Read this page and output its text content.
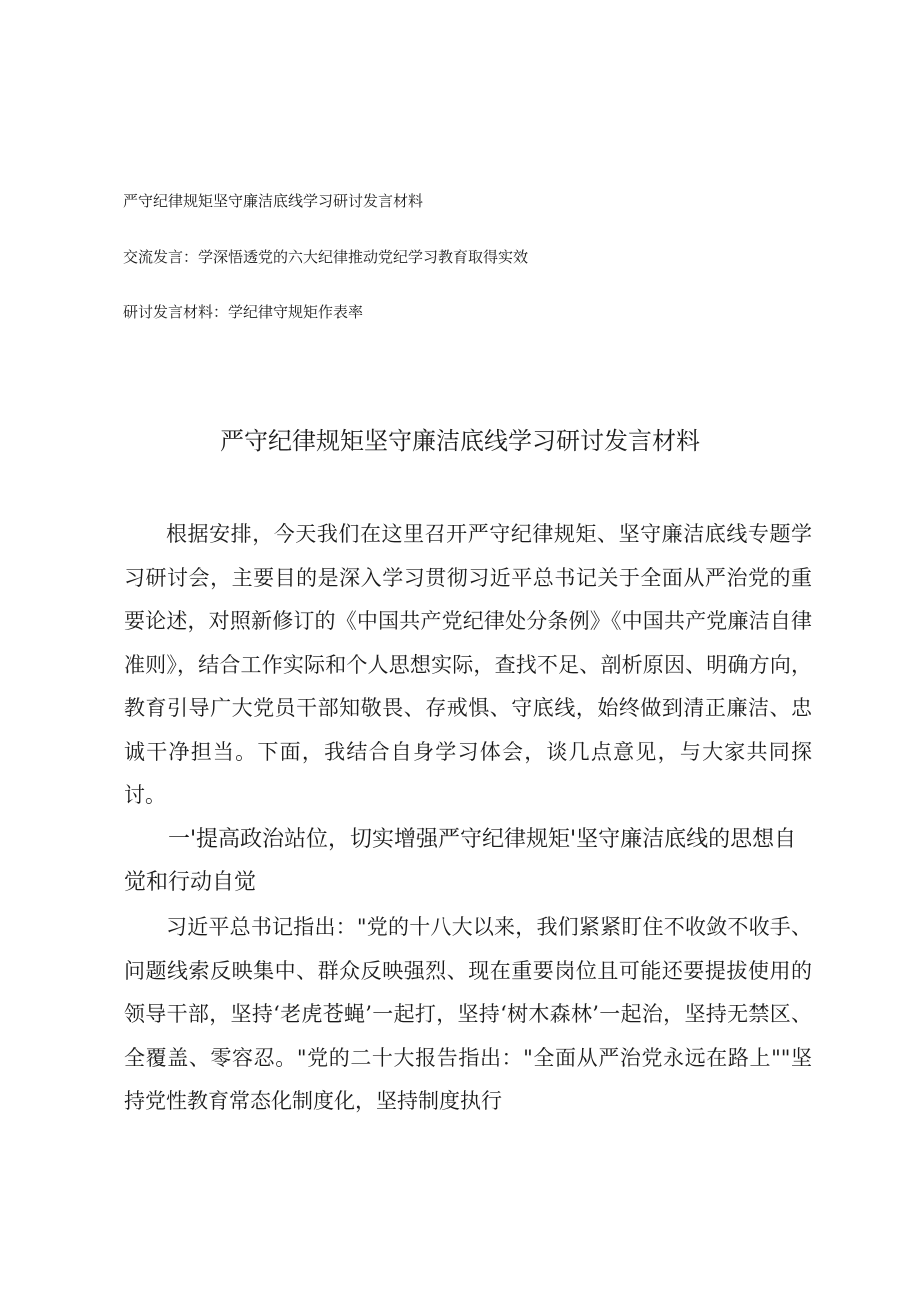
严守纪律规矩坚守廉洁底线学习研讨发言材料
交流发言：学深悟透党的六大纪律推动党纪学习教育取得实效
研讨发言材料：学纪律守规矩作表率
严守纪律规矩坚守廉洁底线学习研讨发言材料

根据安排，今天我们在这里召开严守纪律规矩、坚守廉洁底线专题学习研讨会，主要目的是深入学习贯彻习近平总书记关于全面从严治党的重要论述，对照新修订的《中国共产党纪律处分条例》《中国共产党廉洁自律准则》，结合工作实际和个人思想实际，查找不足、剖析原因、明确方向，教育引导广大党员干部知敬畏、存戒惧、守底线，始终做到清正廉洁、忠诚干净担当。下面，我结合自身学习体会，谈几点意见，与大家共同探讨。

一'提高政治站位，切实增强严守纪律规矩'坚守廉洁底线的思想自觉和行动自觉

习近平总书记指出："党的十八大以来，我们紧紧盯住不收敛不收手、问题线索反映集中、群众反映强烈、现在重要岗位且可能还要提拔使用的领导干部，坚持‘老虎苍蝇’一起打，坚持‘树木森林’一起治，坚持无禁区、全覆盖、零容忍。"党的二十大报告指出："全面从严治党永远在路上""坚持党性教育常态化制度化，坚持制度执行
